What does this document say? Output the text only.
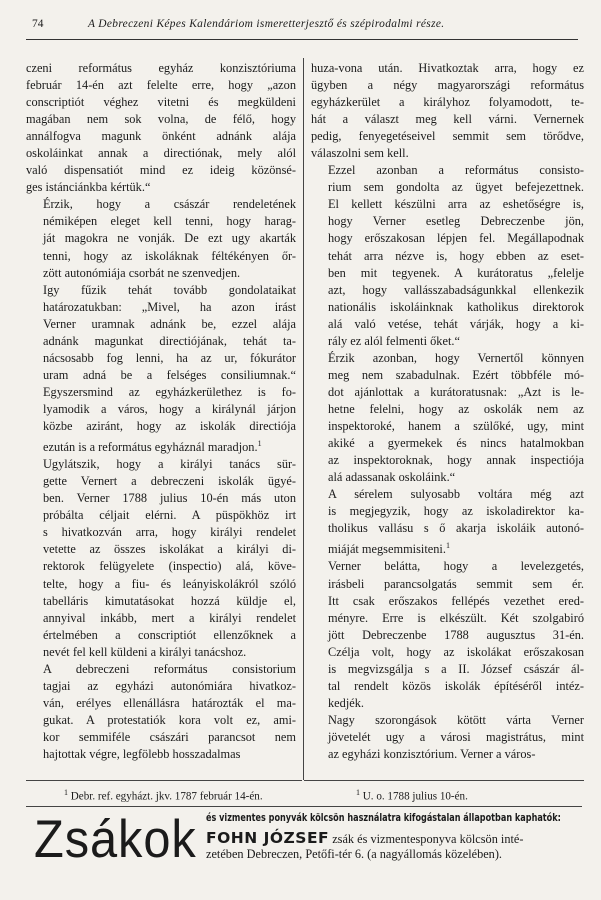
74	A Debreczeni Képes Kalendáriom ismeretterjesztő és szépirodalmi része.

czeni református egyház konzisztóriuma
február 14-én azt felelte erre, hogy „azon
conscriptiót véghez vitetni és megküldeni
magában nem sok volna, de félő, hogy
annálfogva magunk önként adnánk alája
oskoláinkat annak a directiónak, mely alól
való dispensatiót mind ez ideig közönsé-
ges istánciánkba kértük.“

Érzik, hogy a császár rendeletének
némiképen eleget kell tenni, hogy harag-
ját magokra ne vonják. De ezt ugy akarták
tenni, hogy az iskoláknak féltékényen őr-
zött autonómiája csorbát ne szenvedjen.

Igy fűzik tehát tovább gondolataikat
határozatukban: „Mivel, ha azon irást
Verner uramnak adnánk be, ezzel alája
adnánk magunkat directiójának, tehát ta-
nácsosabb fog lenni, ha az ur, fókurátor
uram adná be a felséges consiliumnak.“
Egyszersmind az egyházkerülethez is fo-
lyamodik a város, hogy a királynál járjon
közbe aziránt, hogy az iskolák directiója
ezután is a református egyháznál maradjon.$^1$

Ugylátszik, hogy a királyi tanács sür-
gette Vernert a debreczeni iskolák ügyé-
ben. Verner 1788 julius 10-én más uton
próbálta céljait elérni. A püspökhöz irt
s hivatkozván arra, hogy királyi rendelet
vetette az összes iskolákat a királyi di-
rektorok felügyelete (inspectio) alá, köve-
telte, hogy a fiu- és leányiskolákról szóló
tabelláris kimutatásokat hozzá küldje el,
annyival inkább, mert a királyi rendelet
értelmében a conscriptiót ellenzőknek a
nevét fel kell küldeni a királyi tanácshoz.

A debreczeni református consistorium
tagjai az egyházi autonómiára hivatkoz-
ván, erélyes ellenállásra határozták el ma-
gukat. A protestatiók kora volt ez, ami-
kor semmiféle császári parancsot nem
hajtottak végre, legfölebb hosszadalmas

huza-vona után. Hivatkoztak arra, hogy ez
ügyben a négy magyarországi református
egyházkerület a királyhoz folyamodott, te-
hát a választ meg kell várni. Vernernek
pedig, fenyegetéseivel semmit sem törődve,
válaszolni sem kell.

Ezzel azonban a református consisto-
rium sem gondolta az ügyet befejezettnek.
El kellett készülni arra az eshetőségre is,
hogy Verner esetleg Debreczenbe jön,
hogy erőszakosan lépjen fel. Megállapodnak
tehát arra nézve is, hogy ebben az eset-
ben mit tegyenek. A kurátoratus „felelje
azt, hogy vallásszabadságunkkal ellenkezik
nationális iskoláinknak katholikus direktorok
alá való vetése, tehát várják, hogy a ki-
rály ez alól felmenti őket.“

Érzik azonban, hogy Vernertől könnyen
meg nem szabadulnak. Ezért többféle mó-
dot ajánlottak a kurátoratusnak: „Azt is le-
hetne felelni, hogy az oskolák nem az
inspektoroké, hanem a szülőké, ugy, mint
akiké a gyermekek és nincs hatalmokban
az inspektoroknak, hogy annak inspectiója
alá adassanak oskoláink.“

A sérelem sulyosabb voltára még azt
is megjegyzik, hogy az iskoladirektor ka-
tholikus vallásu s ő akarja iskoláik autonó-
miáját megsemmisiteni.$^1$

Verner belátta, hogy a levelezgetés,
irásbeli parancsolgatás semmit sem ér.
Itt csak erőszakos fellépés vezethet ered-
ményre. Erre is elkészült. Két szolgabiró
jött Debreczenbe 1788 augusztus 31-én.
Czélja volt, hogy az iskolákat erőszakosan
is megvizsgálja s a II. József császár ál-
tal rendelt közös iskolák építéséről intéz-
kedjék.

Nagy szorongások kötött várta Verner
jövetelét ugy a városi magistrátus, mint
az egyházi konzisztórium. Verner a város-

$^1$ Debr. ref. egyházt. jkv. 1787 február 14-én.	$^1$ U. o. 1788 julius 10-én.
Zsákok és vizmentes ponyvák kölcsön használatra kifogástalan állapotban kaphatók:
FOHN JÓZSEF zsák és vizmentesponyva kölcsön inté-
zetében Debreczen, Petőfi-tér 6. (a nagyállomás közelében).
